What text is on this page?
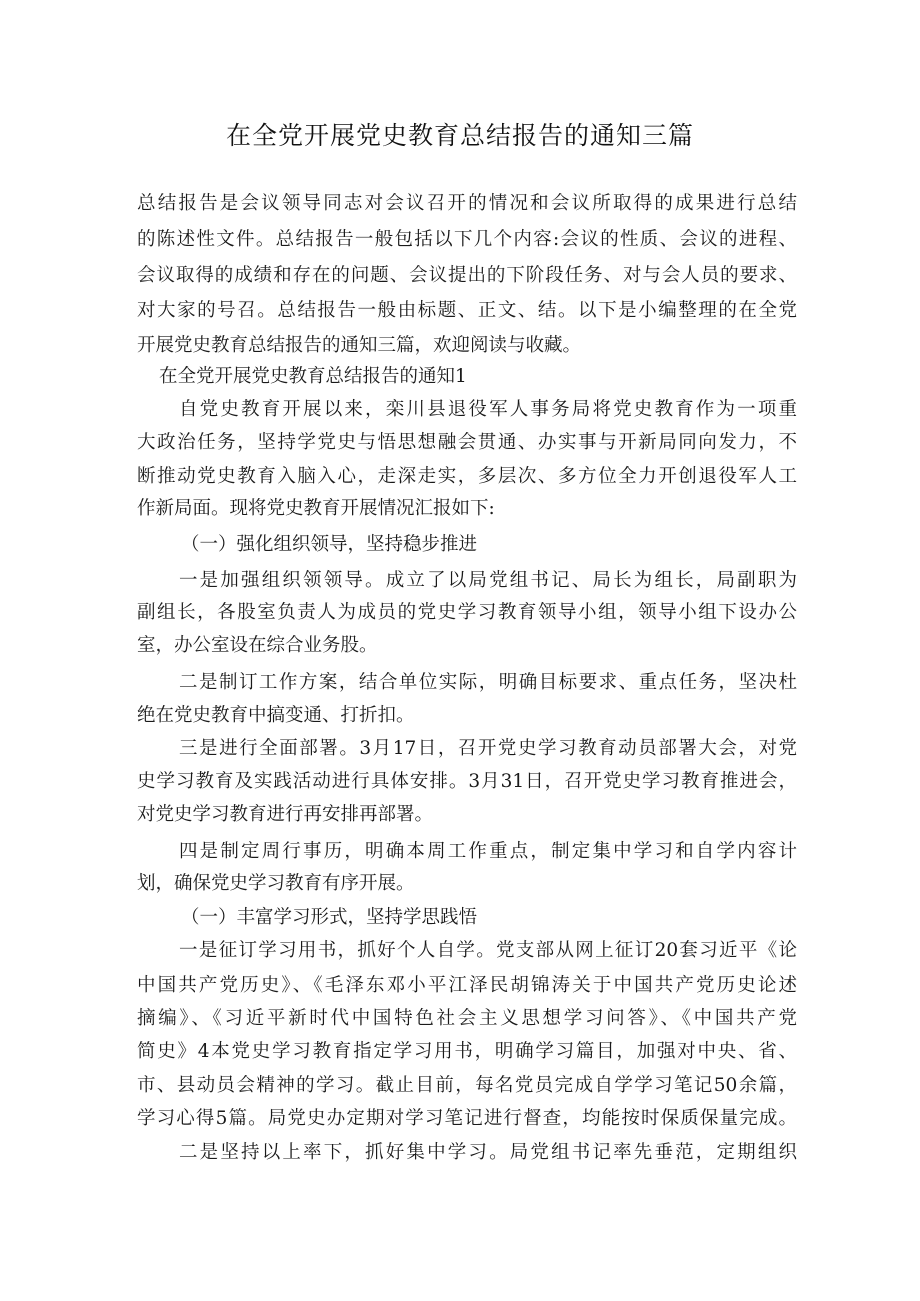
在全党开展党史教育总结报告的通知三篇
总结报告是会议领导同志对会议召开的情况和会议所取得的成果进行总结
的陈述性文件。总结报告一般包括以下几个内容:会议的性质、会议的进程、
会议取得的成绩和存在的问题、会议提出的下阶段任务、对与会人员的要求、
对大家的号召。总结报告一般由标题、正文、结。以下是小编整理的在全党
开展党史教育总结报告的通知三篇，欢迎阅读与收藏。
在全党开展党史教育总结报告的通知1
自党史教育开展以来，栾川县退役军人事务局将党史教育作为一项重
大政治任务，坚持学党史与悟思想融会贯通、办实事与开新局同向发力，不
断推动党史教育入脑入心，走深走实，多层次、多方位全力开创退役军人工
作新局面。现将党史教育开展情况汇报如下:
（一）强化组织领导，坚持稳步推进
一是加强组织领领导。成立了以局党组书记、局长为组长，局副职为
副组长，各股室负责人为成员的党史学习教育领导小组，领导小组下设办公
室，办公室设在综合业务股。
二是制订工作方案，结合单位实际，明确目标要求、重点任务，坚决杜
绝在党史教育中搞变通、打折扣。
三是进行全面部署。3月17日，召开党史学习教育动员部署大会，对党
史学习教育及实践活动进行具体安排。3月31日，召开党史学习教育推进会，
对党史学习教育进行再安排再部署。
四是制定周行事历，明确本周工作重点，制定集中学习和自学内容计
划，确保党史学习教育有序开展。
（一）丰富学习形式，坚持学思践悟
一是征订学习用书，抓好个人自学。党支部从网上征订20套习近平《论
中国共产党历史》、《毛泽东邓小平江泽民胡锦涛关于中国共产党历史论述
摘编》、《习近平新时代中国特色社会主义思想学习问答》、《中国共产党
简史》4本党史学习教育指定学习用书，明确学习篇目，加强对中央、省、
市、县动员会精神的学习。截止目前，每名党员完成自学学习笔记50余篇，
学习心得5篇。局党史办定期对学习笔记进行督查，均能按时保质保量完成。
二是坚持以上率下，抓好集中学习。局党组书记率先垂范，定期组织
